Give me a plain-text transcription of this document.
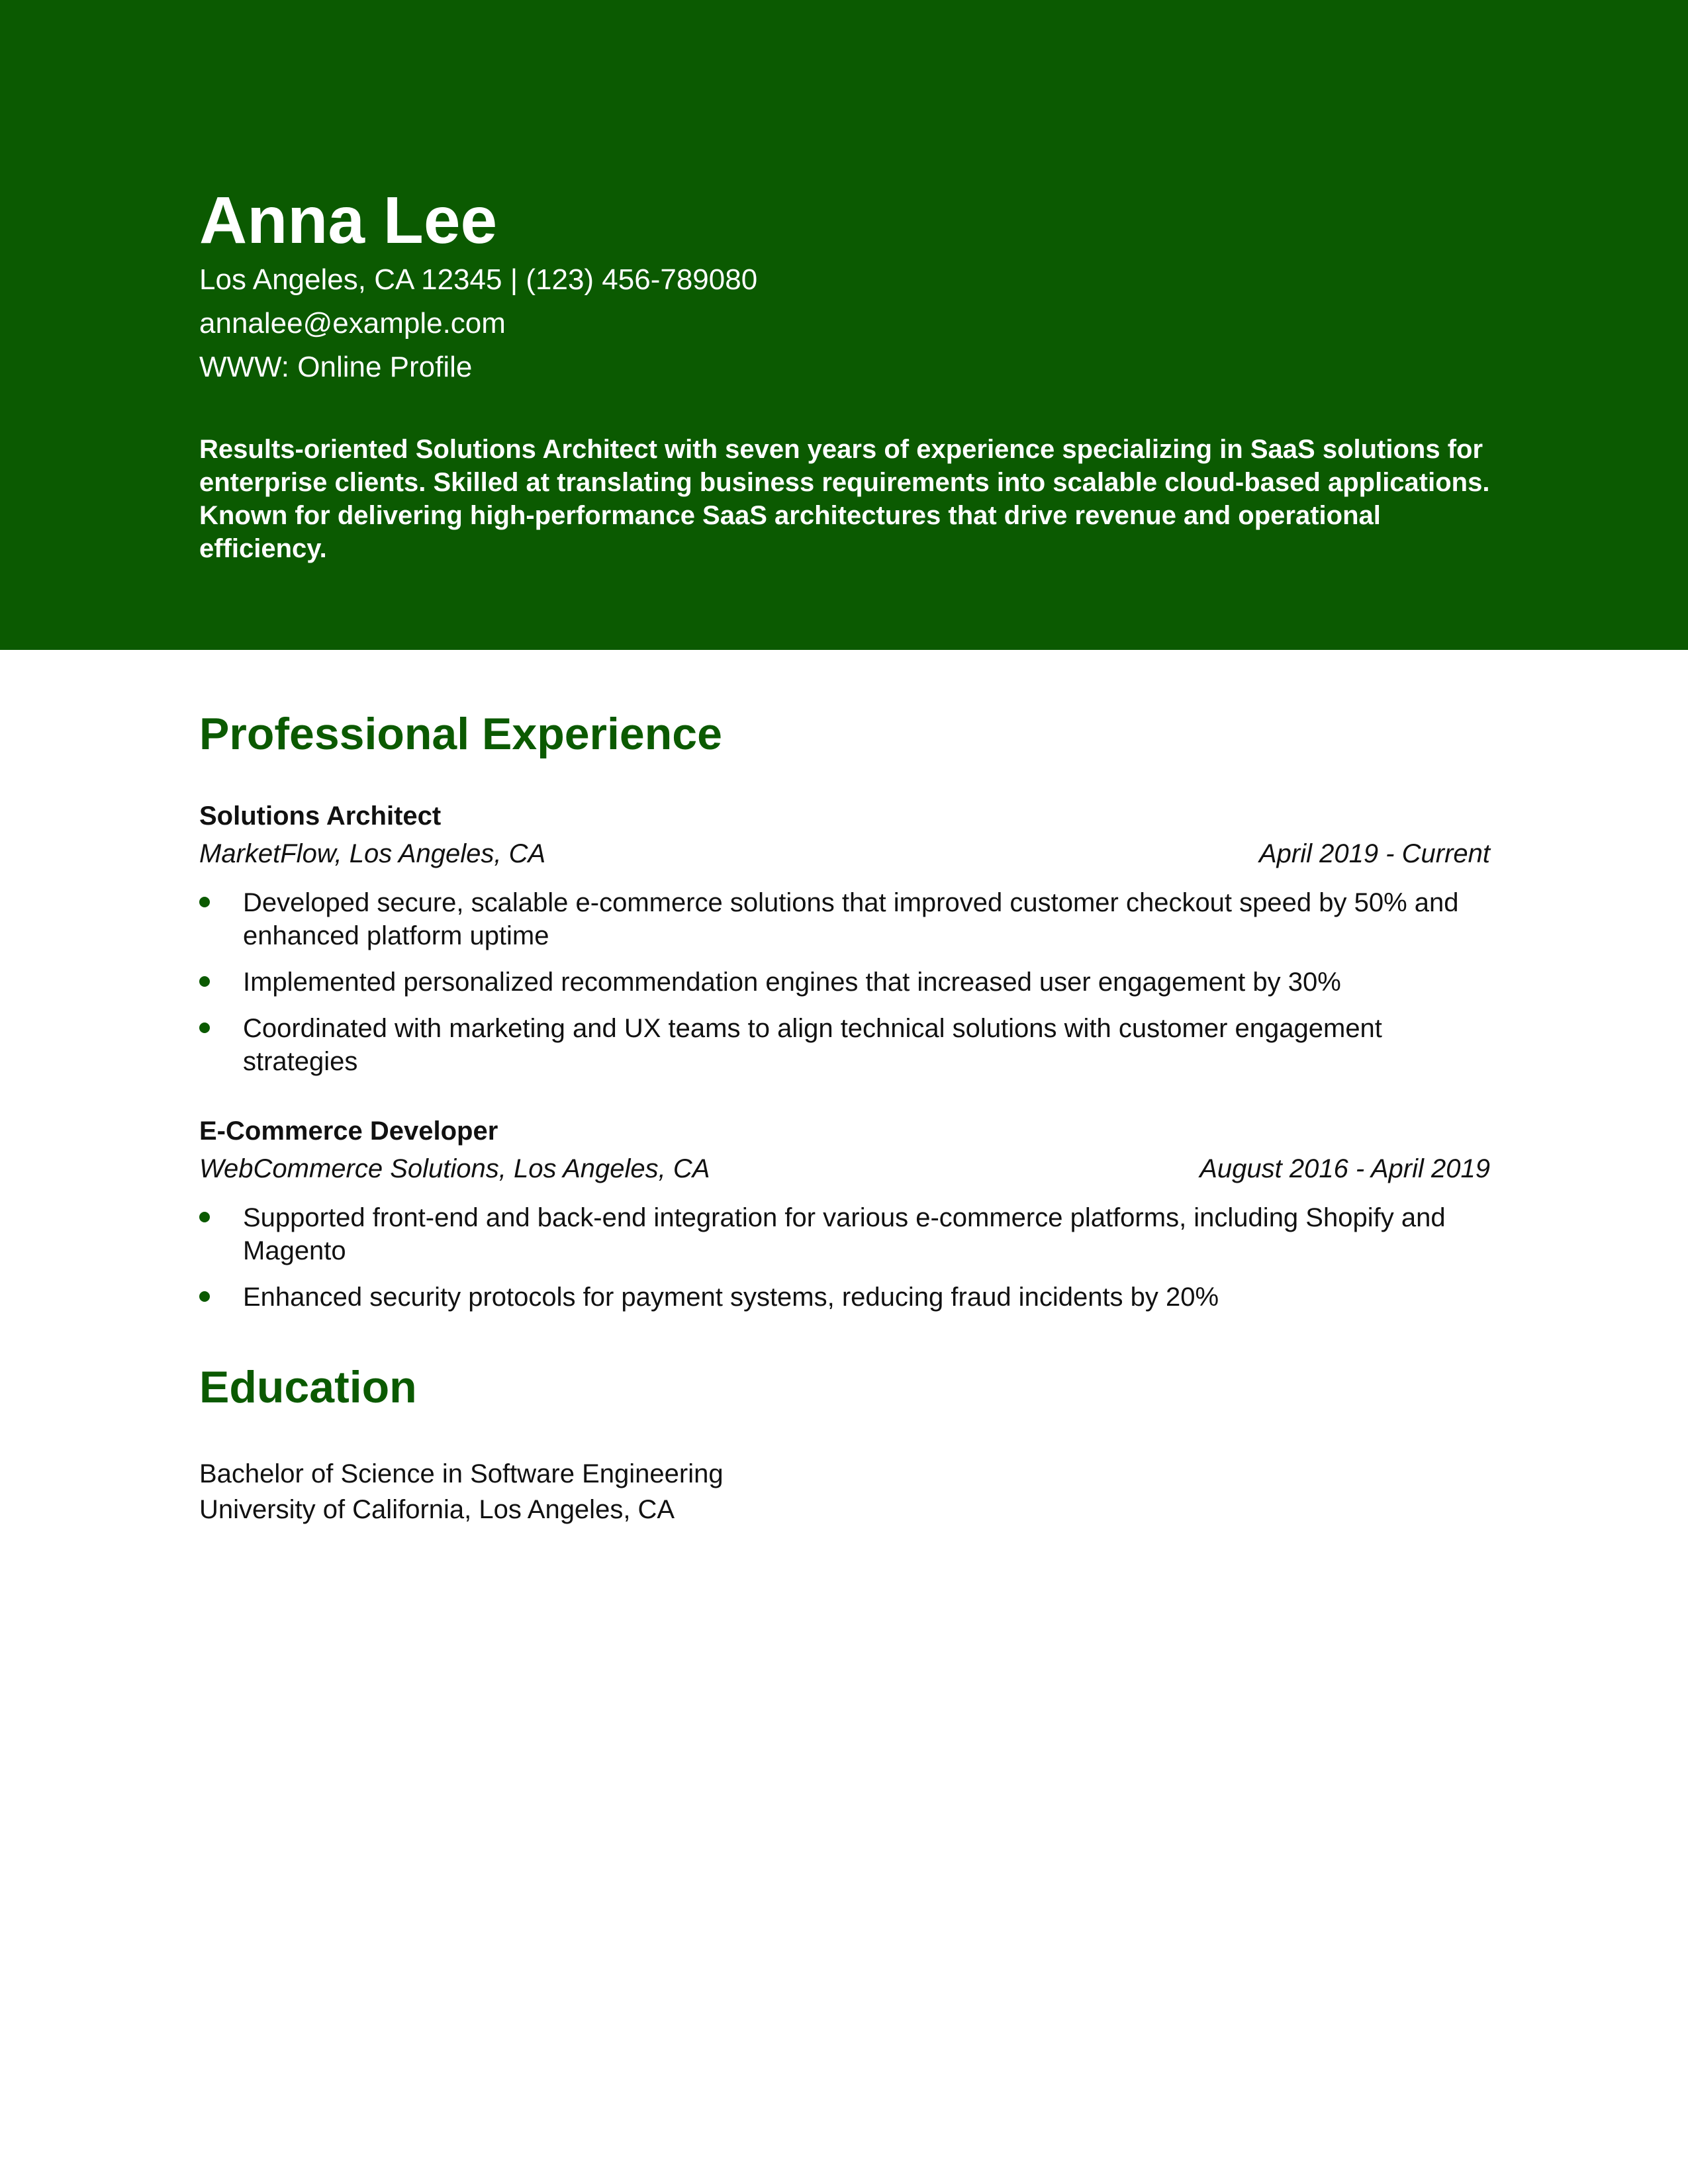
Anna Lee

Los Angeles, CA 12345 | (123) 456-789080

annalee@example.com

WWW: Online Profile

Results-oriented Solutions Architect with seven years of experience specializing in SaaS solutions for enterprise clients. Skilled at translating business requirements into scalable cloud-based applications. Known for delivering high-performance SaaS architectures that drive revenue and operational efficiency.
Professional Experience
Solutions Architect
MarketFlow, Los Angeles, CA	April 2019 - Current
Developed secure, scalable e-commerce solutions that improved customer checkout speed by 50% and enhanced platform uptime
Implemented personalized recommendation engines that increased user engagement by 30%
Coordinated with marketing and UX teams to align technical solutions with customer engagement strategies
E-Commerce Developer
WebCommerce Solutions, Los Angeles, CA	August 2016 - April 2019
Supported front-end and back-end integration for various e-commerce platforms, including Shopify and Magento
Enhanced security protocols for payment systems, reducing fraud incidents by 20%
Education
Bachelor of Science in Software Engineering
University of California, Los Angeles, CA
